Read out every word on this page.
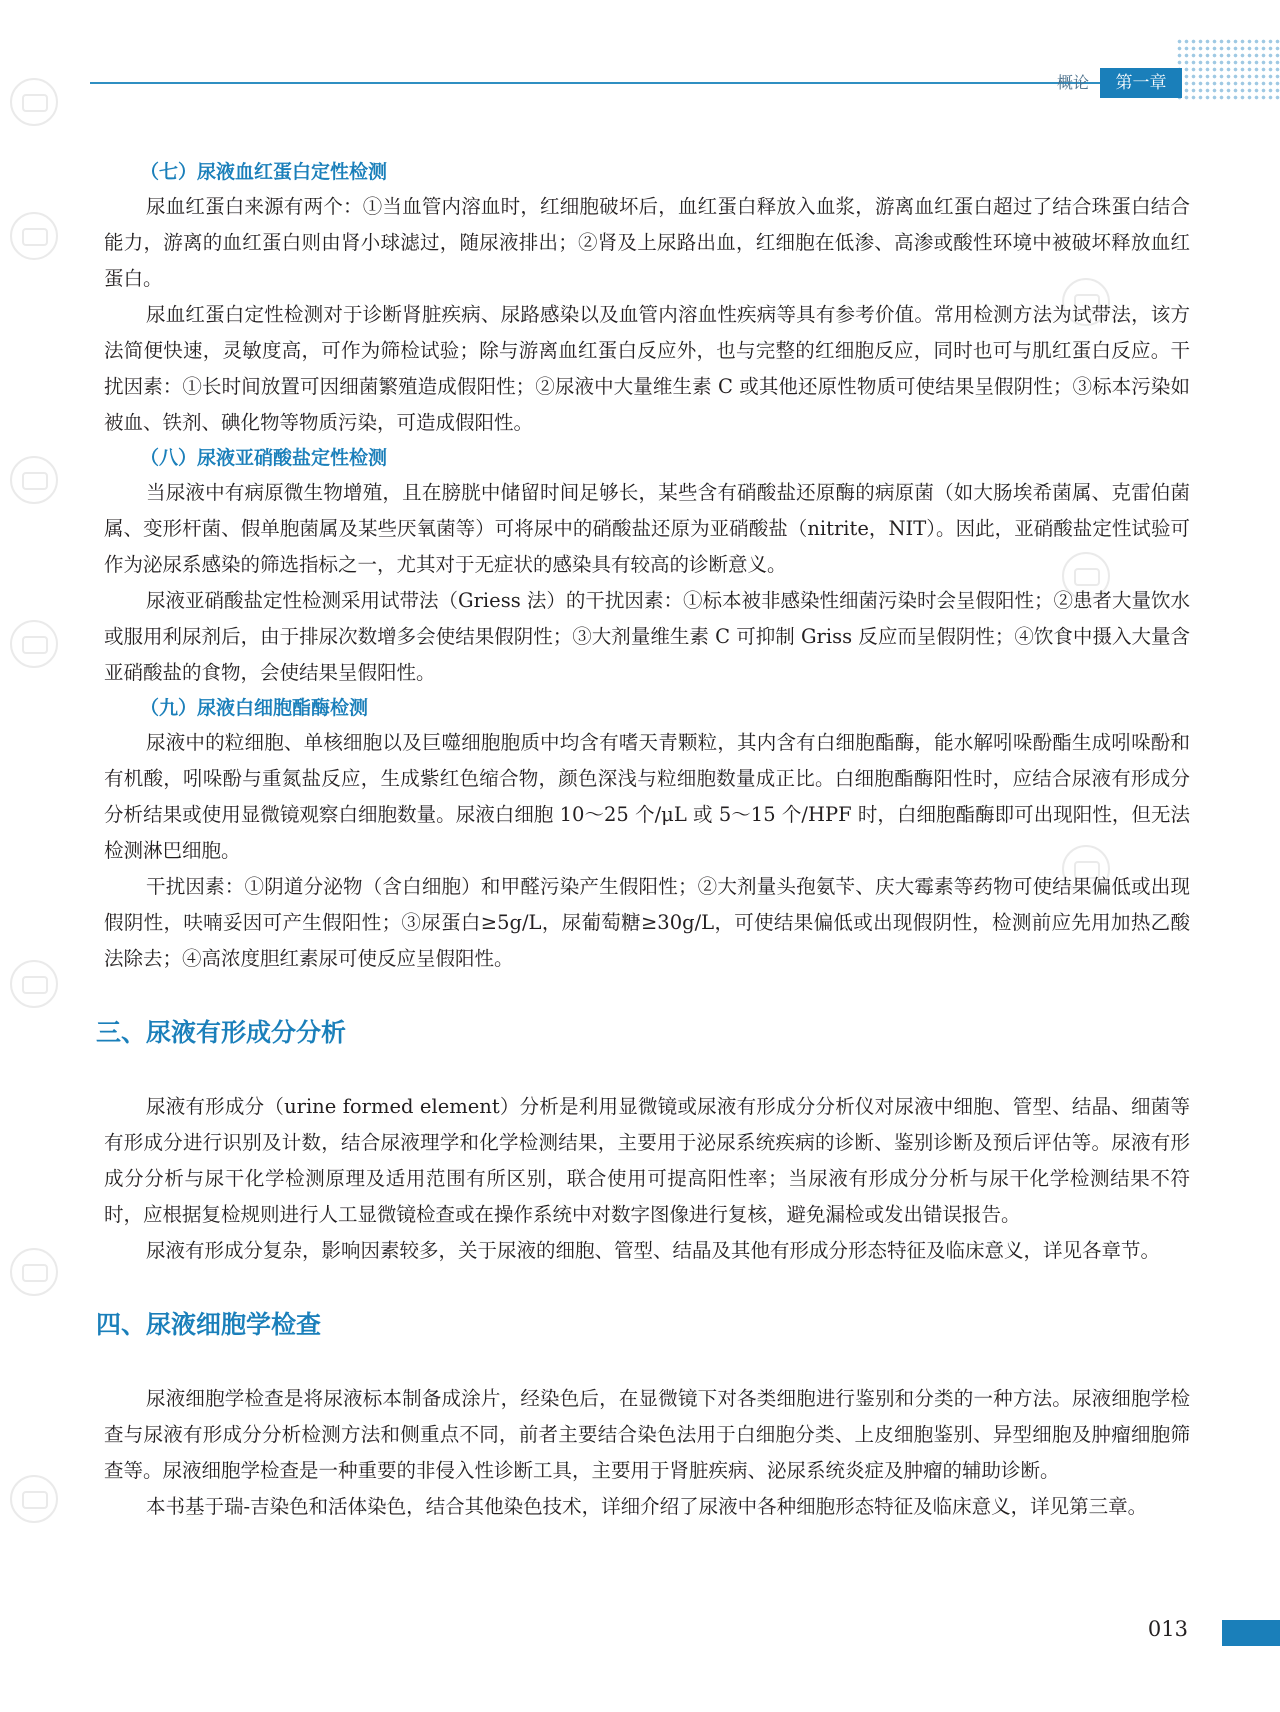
概论	第一章

（七）尿液血红蛋白定性检测

尿血红蛋白来源有两个：①当血管内溶血时，红细胞破坏后，血红蛋白释放入血浆，游离血红蛋白超过了结合珠蛋白结合能力，游离的血红蛋白则由肾小球滤过，随尿液排出；②肾及上尿路出血，红细胞在低渗、高渗或酸性环境中被破坏释放血红蛋白。

尿血红蛋白定性检测对于诊断肾脏疾病、尿路感染以及血管内溶血性疾病等具有参考价值。常用检测方法为试带法，该方法简便快速，灵敏度高，可作为筛检试验；除与游离血红蛋白反应外，也与完整的红细胞反应，同时也可与肌红蛋白反应。干扰因素：①长时间放置可因细菌繁殖造成假阳性；②尿液中大量维生素 C 或其他还原性物质可使结果呈假阴性；③标本污染如被血、铁剂、碘化物等物质污染，可造成假阳性。

（八）尿液亚硝酸盐定性检测

当尿液中有病原微生物增殖，且在膀胱中储留时间足够长，某些含有硝酸盐还原酶的病原菌（如大肠埃希菌属、克雷伯菌属、变形杆菌、假单胞菌属及某些厌氧菌等）可将尿中的硝酸盐还原为亚硝酸盐（nitrite，NIT）。因此，亚硝酸盐定性试验可作为泌尿系感染的筛选指标之一，尤其对于无症状的感染具有较高的诊断意义。

尿液亚硝酸盐定性检测采用试带法（Griess 法）的干扰因素：①标本被非感染性细菌污染时会呈假阳性；②患者大量饮水或服用利尿剂后，由于排尿次数增多会使结果假阴性；③大剂量维生素 C 可抑制 Griss 反应而呈假阴性；④饮食中摄入大量含亚硝酸盐的食物，会使结果呈假阳性。

（九）尿液白细胞酯酶检测

尿液中的粒细胞、单核细胞以及巨噬细胞胞质中均含有嗜天青颗粒，其内含有白细胞酯酶，能水解吲哚酚酯生成吲哚酚和有机酸，吲哚酚与重氮盐反应，生成紫红色缩合物，颜色深浅与粒细胞数量成正比。白细胞酯酶阳性时，应结合尿液有形成分分析结果或使用显微镜观察白细胞数量。尿液白细胞 10～25 个/μL 或 5～15 个/HPF 时，白细胞酯酶即可出现阳性，但无法检测淋巴细胞。

干扰因素：①阴道分泌物（含白细胞）和甲醛污染产生假阳性；②大剂量头孢氨苄、庆大霉素等药物可使结果偏低或出现假阴性，呋喃妥因可产生假阳性；③尿蛋白≥5g/L，尿葡萄糖≥30g/L，可使结果偏低或出现假阴性，检测前应先用加热乙酸法除去；④高浓度胆红素尿可使反应呈假阳性。

三、尿液有形成分分析

尿液有形成分（urine formed element）分析是利用显微镜或尿液有形成分分析仪对尿液中细胞、管型、结晶、细菌等有形成分进行识别及计数，结合尿液理学和化学检测结果，主要用于泌尿系统疾病的诊断、鉴别诊断及预后评估等。尿液有形成分分析与尿干化学检测原理及适用范围有所区别，联合使用可提高阳性率；当尿液有形成分分析与尿干化学检测结果不符时，应根据复检规则进行人工显微镜检查或在操作系统中对数字图像进行复核，避免漏检或发出错误报告。

尿液有形成分复杂，影响因素较多，关于尿液的细胞、管型、结晶及其他有形成分形态特征及临床意义，详见各章节。

四、尿液细胞学检查

尿液细胞学检查是将尿液标本制备成涂片，经染色后，在显微镜下对各类细胞进行鉴别和分类的一种方法。尿液细胞学检查与尿液有形成分分析检测方法和侧重点不同，前者主要结合染色法用于白细胞分类、上皮细胞鉴别、异型细胞及肿瘤细胞筛查等。尿液细胞学检查是一种重要的非侵入性诊断工具，主要用于肾脏疾病、泌尿系统炎症及肿瘤的辅助诊断。

本书基于瑞-吉染色和活体染色，结合其他染色技术，详细介绍了尿液中各种细胞形态特征及临床意义，详见第三章。

013
